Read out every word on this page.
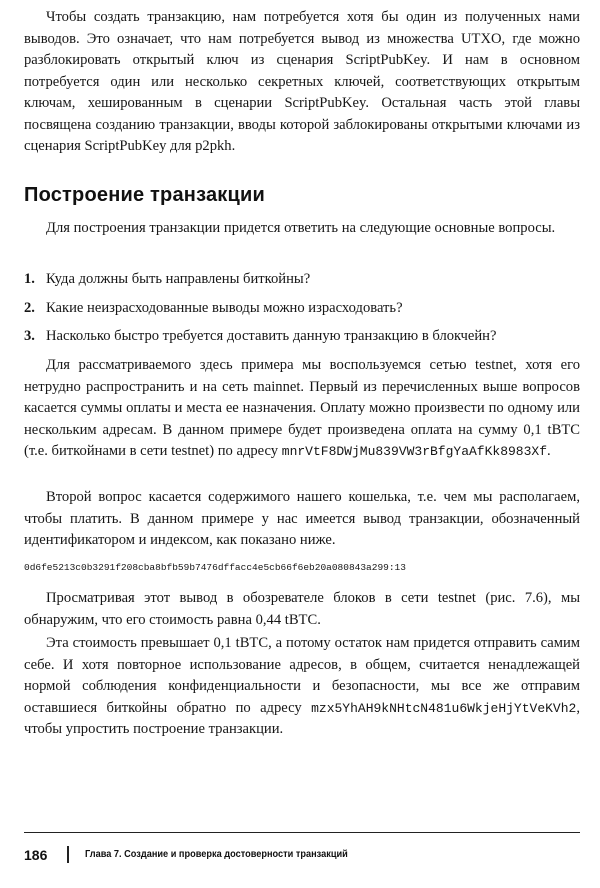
Чтобы создать транзакцию, нам потребуется хотя бы один из полученных нами выводов. Это означает, что нам потребуется вывод из множества UTXO, где можно разблокировать открытый ключ из сценария ScriptPubKey. И нам в основном потребуется один или несколько секретных ключей, соответствующих открытым ключам, хешированным в сценарии ScriptPubKey. Остальная часть этой главы посвящена созданию транзакции, вводы которой заблокированы открытыми ключами из сценария ScriptPubKey для p2pkh.

Построение транзакции

Для построения транзакции придется ответить на следующие основные вопросы.

1. Куда должны быть направлены биткойны?
2. Какие неизрасходованные выводы можно израсходовать?
3. Насколько быстро требуется доставить данную транзакцию в блокчейн?

Для рассматриваемого здесь примера мы воспользуемся сетью testnet, хотя его нетрудно распространить и на сеть mainnet. Первый из перечисленных выше вопросов касается суммы оплаты и места ее назначения. Оплату можно произвести по одному или нескольким адресам. В данном примере будет произведена оплата на сумму 0,1 tBTC (т.е. биткойнами в сети testnet) по адресу mnrVtF8DWjMu839VW3rBfgYaAfKk8983Xf.

Второй вопрос касается содержимого нашего кошелька, т.е. чем мы располагаем, чтобы платить. В данном примере у нас имеется вывод транзакции, обозначенный идентификатором и индексом, как показано ниже.

0d6fe5213c0b3291f208cba8bfb59b7476dffacc4e5cb66f6eb20a080843a299:13

Просматривая этот вывод в обозревателе блоков в сети testnet (рис. 7.6), мы обнаружим, что его стоимость равна 0,44 tBTC.

Эта стоимость превышает 0,1 tBTC, а потому остаток нам придется отправить самим себе. И хотя повторное использование адресов, в общем, считается ненадлежащей нормой соблюдения конфиденциальности и безопасности, мы все же отправим оставшиеся биткойны обратно по адресу mzx5YhAH9kNHtcN481u6WkjeHjYtVeKVh2, чтобы упростить построение транзакции.

186	Глава 7. Создание и проверка достоверности транзакций
